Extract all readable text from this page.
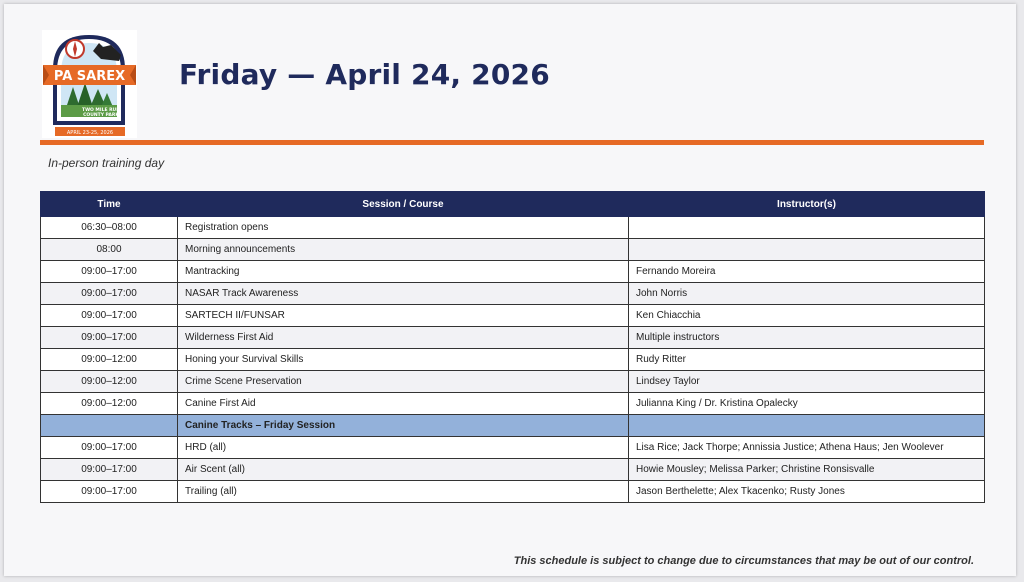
PA SAREX
TWO MILE RUN
COUNTY PARK
APRIL 23-25, 2026
Friday — April 24, 2026
In-person training day
Time	Session / Course	Instructor(s)
06:30–08:00	Registration opens	
08:00	Morning announcements	
09:00–17:00	Mantracking	Fernando Moreira
09:00–17:00	NASAR Track Awareness	John Norris
09:00–17:00	SARTECH II/FUNSAR	Ken Chiacchia
09:00–17:00	Wilderness First Aid	Multiple instructors
09:00–12:00	Honing your Survival Skills	Rudy Ritter
09:00–12:00	Crime Scene Preservation	Lindsey Taylor
09:00–12:00	Canine First Aid	Julianna King / Dr. Kristina Opalecky
	Canine Tracks – Friday Session	
09:00–17:00	HRD (all)	Lisa Rice; Jack Thorpe; Annissia Justice; Athena Haus; Jen Woolever
09:00–17:00	Air Scent (all)	Howie Mousley; Melissa Parker; Christine Ronsisvalle
09:00–17:00	Trailing (all)	Jason Berthelette; Alex Tkacenko; Rusty Jones
This schedule is subject to change due to circumstances that may be out of our control.
